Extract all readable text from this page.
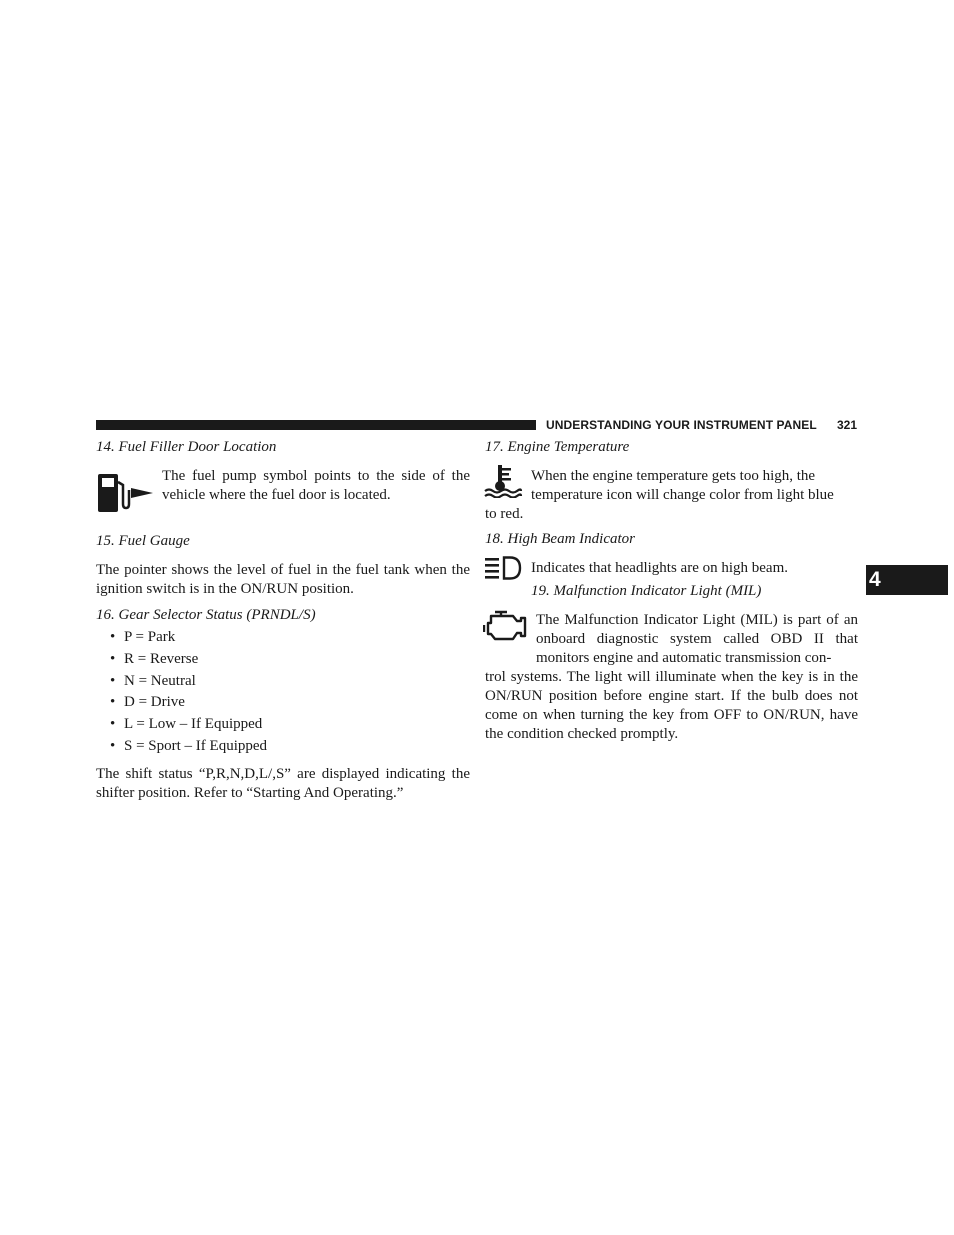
UNDERSTANDING YOUR INSTRUMENT PANEL 321
4
14. Fuel Filler Door Location
The fuel pump symbol points to the side of the vehicle where the fuel door is located.
15. Fuel Gauge
The pointer shows the level of fuel in the fuel tank when the ignition switch is in the ON/RUN position.
16. Gear Selector Status (PRNDL/S)
• P = Park
• R = Reverse
• N = Neutral
• D = Drive
• L = Low – If Equipped
• S = Sport – If Equipped
The shift status “P,R,N,D,L/,S” are displayed indicating the shifter position. Refer to “Starting And Operating.”
17. Engine Temperature
When the engine temperature gets too high, the
temperature icon will change color from light blue
to red.
18. High Beam Indicator
Indicates that headlights are on high beam.
19. Malfunction Indicator Light (MIL)
The Malfunction Indicator Light (MIL) is part of an onboard diagnostic system called OBD II that monitors engine and automatic transmission con-
trol systems. The light will illuminate when the key is in the ON/RUN position before engine start. If the bulb does not come on when turning the key from OFF to ON/RUN, have the condition checked promptly.
